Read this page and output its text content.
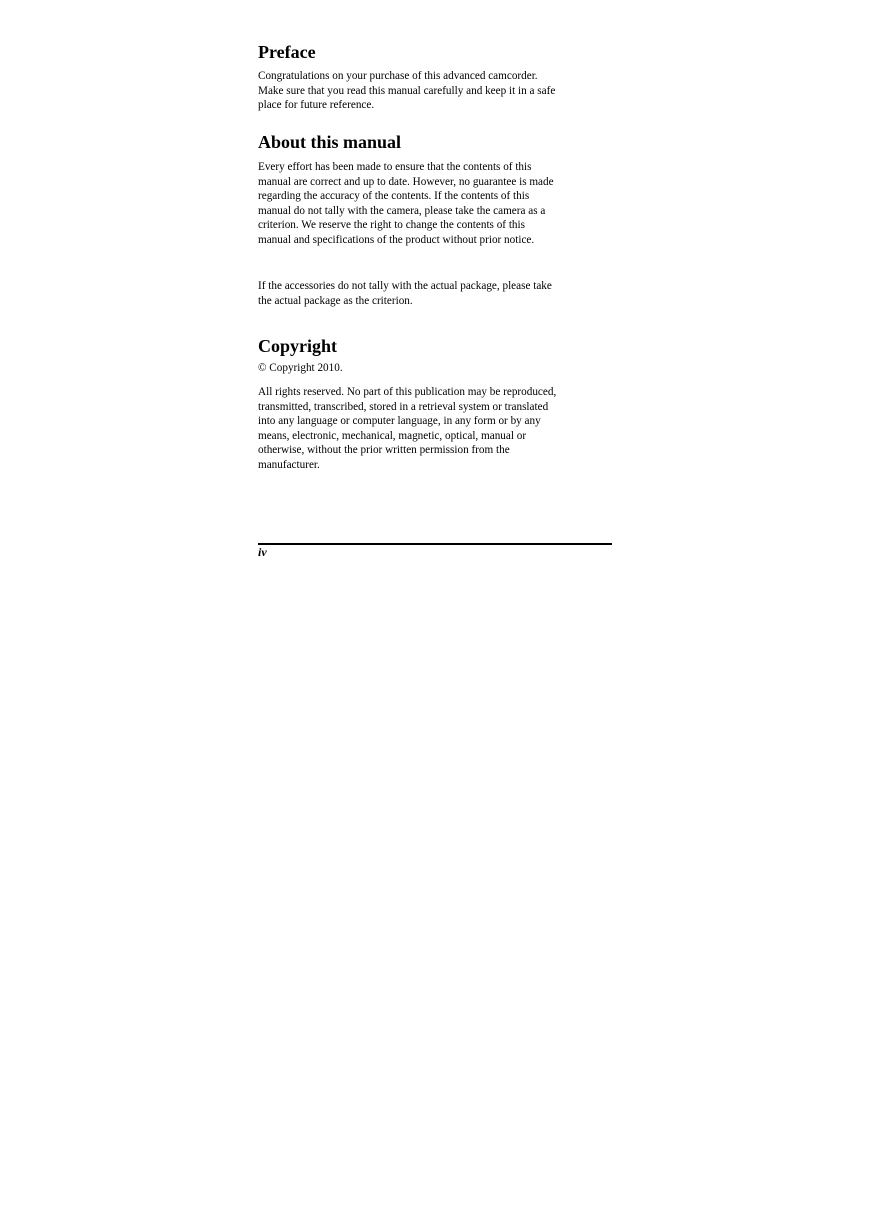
Preface

Congratulations on your purchase of this advanced camcorder.
Make sure that you read this manual carefully and keep it in a safe
place for future reference.

About this manual

Every effort has been made to ensure that the contents of this
manual are correct and up to date. However, no guarantee is made
regarding the accuracy of the contents. If the contents of this
manual do not tally with the camera, please take the camera as a
criterion. We reserve the right to change the contents of this
manual and specifications of the product without prior notice.

If the accessories do not tally with the actual package, please take
the actual package as the criterion.

Copyright

© Copyright 2010.

All rights reserved. No part of this publication may be reproduced,
transmitted, transcribed, stored in a retrieval system or translated
into any language or computer language, in any form or by any
means, electronic, mechanical, magnetic, optical, manual or
otherwise, without the prior written permission from the
manufacturer.

iv
